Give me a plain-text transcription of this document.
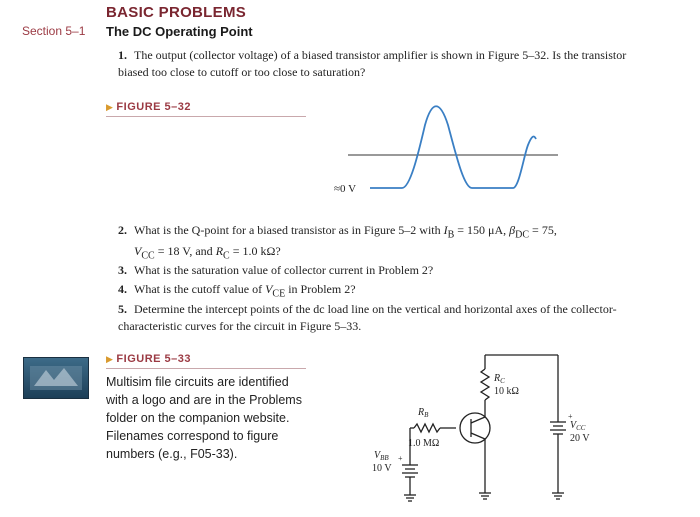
BASIC PROBLEMS
Section 5–1 The DC Operating Point
1. The output (collector voltage) of a biased transistor amplifier is shown in Figure 5–32. Is the transistor biased too close to cutoff or too close to saturation?
▶ FIGURE 5–32
≈0 V
2. What is the Q-point for a biased transistor as in Figure 5–2 with $I_B = 150$ μA, $\beta_{DC} = 75$,
$V_{CC} = 18$ V, and $R_C = 1.0$ kΩ?
3. What is the saturation value of collector current in Problem 2?
4. What is the cutoff value of $V_{CE}$ in Problem 2?
5. Determine the intercept points of the dc load line on the vertical and horizontal axes of the collector-characteristic curves for the circuit in Figure 5–33.
▶ FIGURE 5–33
Multisim file circuits are identified with a logo and are in the Problems folder on the companion website. Filenames correspond to figure numbers (e.g., F05-33).
$R_C$
10 kΩ
$R_B$
1.0 MΩ
+
$V_{BB}$
10 V
+
$V_{CC}$
20 V
